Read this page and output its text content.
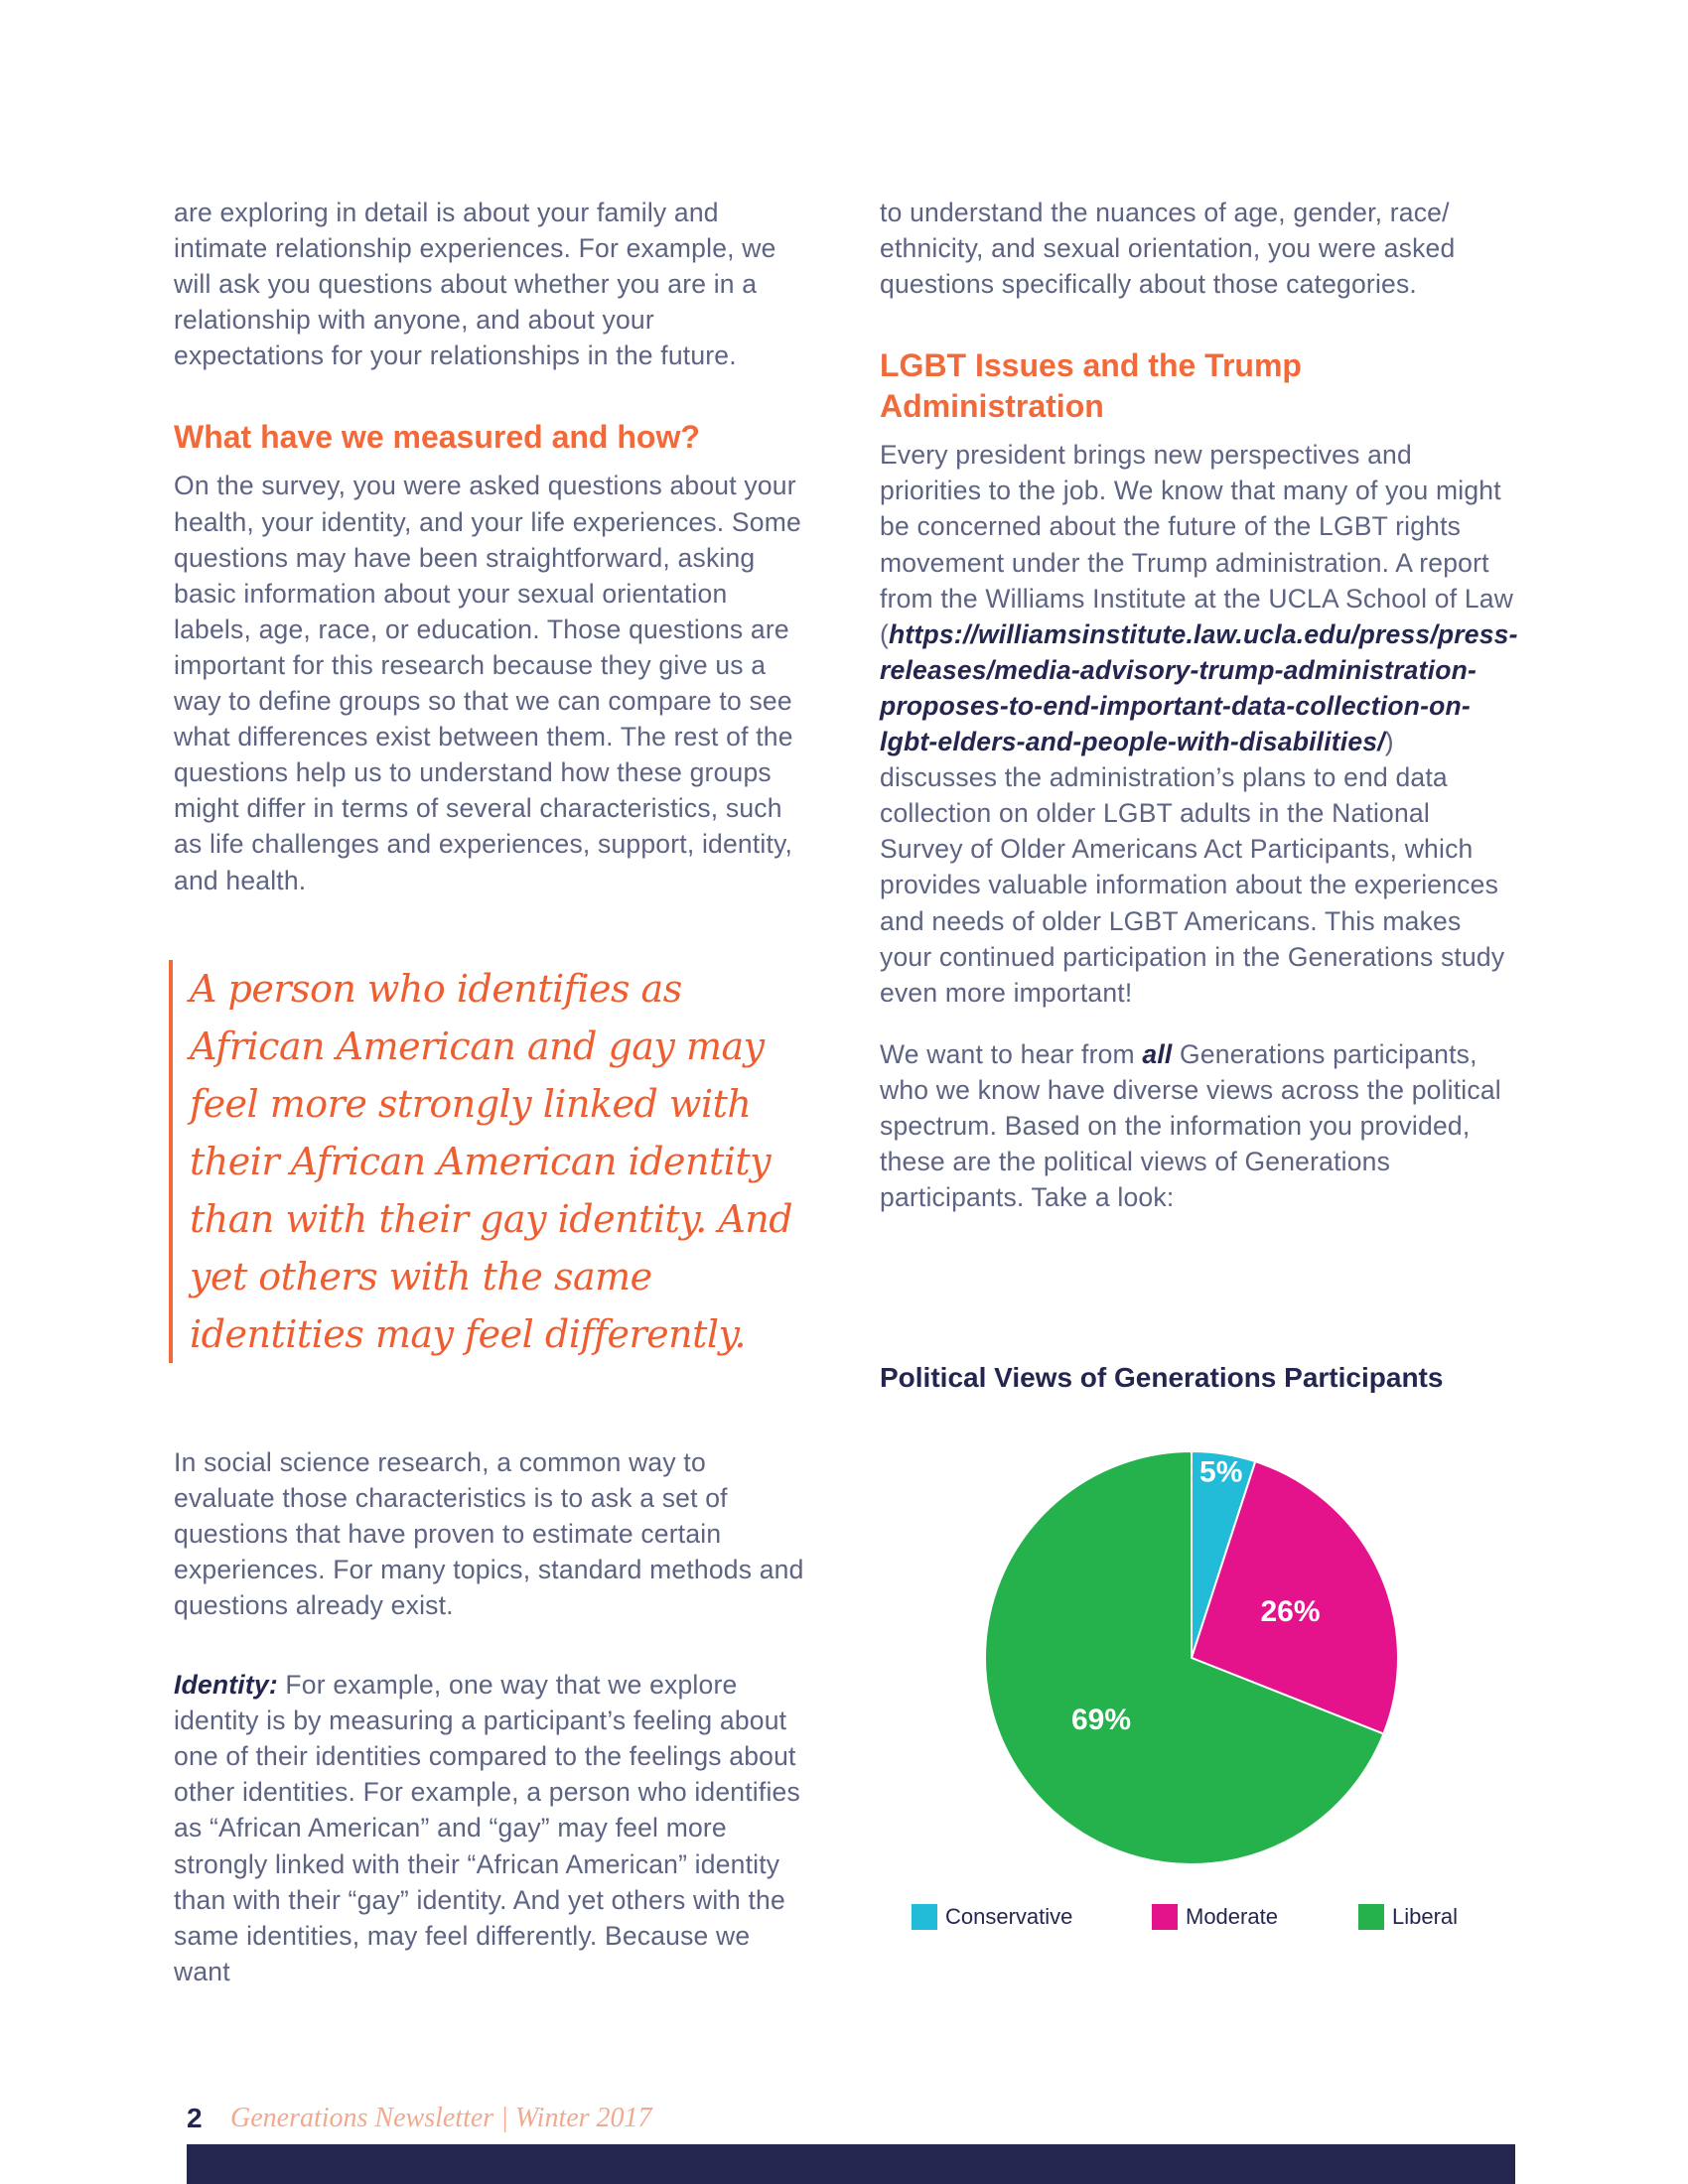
are exploring in detail is about your family and intimate relationship experiences. For example, we will ask you questions about whether you are in a relationship with anyone, and about your expectations for your relationships in the future.

What have we measured and how?

On the survey, you were asked questions about your health, your identity, and your life experiences. Some questions may have been straightforward, asking basic information about your sexual orientation labels, age, race, or education. Those questions are important for this research because they give us a way to define groups so that we can compare to see what differences exist between them. The rest of the questions help us to understand how these groups might differ in terms of several characteristics, such as life challenges and experiences, support, identity, and health.

A person who identifies as African American and gay may feel more strongly linked with their African American identity than with their gay identity. And yet others with the same identities may feel differently.

In social science research, a common way to evaluate those characteristics is to ask a set of questions that have proven to estimate certain experiences. For many topics, standard methods and questions already exist.

Identity: For example, one way that we explore identity is by measuring a participant’s feeling about one of their identities compared to the feelings about other identities. For example, a person who identifies as “African American” and “gay” may feel more strongly linked with their “African American” identity than with their “gay” identity. And yet others with the same identities, may feel differently. Because we want

to understand the nuances of age, gender, race/ ethnicity, and sexual orientation, you were asked questions specifically about those categories.

LGBT Issues and the Trump Administration

Every president brings new perspectives and priorities to the job. We know that many of you might be concerned about the future of the LGBT rights movement under the Trump administration. A report from the Williams Institute at the UCLA School of Law (https://williamsinstitute.law.ucla.edu/press/press-releases/media-advisory-trump-administration-proposes-to-end-important-data-collection-on-lgbt-elders-and-people-with-disabilities/) discusses the administration’s plans to end data collection on older LGBT adults in the National Survey of Older Americans Act Participants, which provides valuable information about the experiences and needs of older LGBT Americans. This makes your continued participation in the Generations study even more important!

We want to hear from all Generations participants, who we know have diverse views across the political spectrum. Based on the information you provided, these are the political views of Generations participants. Take a look:

Political Views of Generations Participants
5%
26%
69%
Conservative	Moderate	Liberal
2 Generations Newsletter | Winter 2017
